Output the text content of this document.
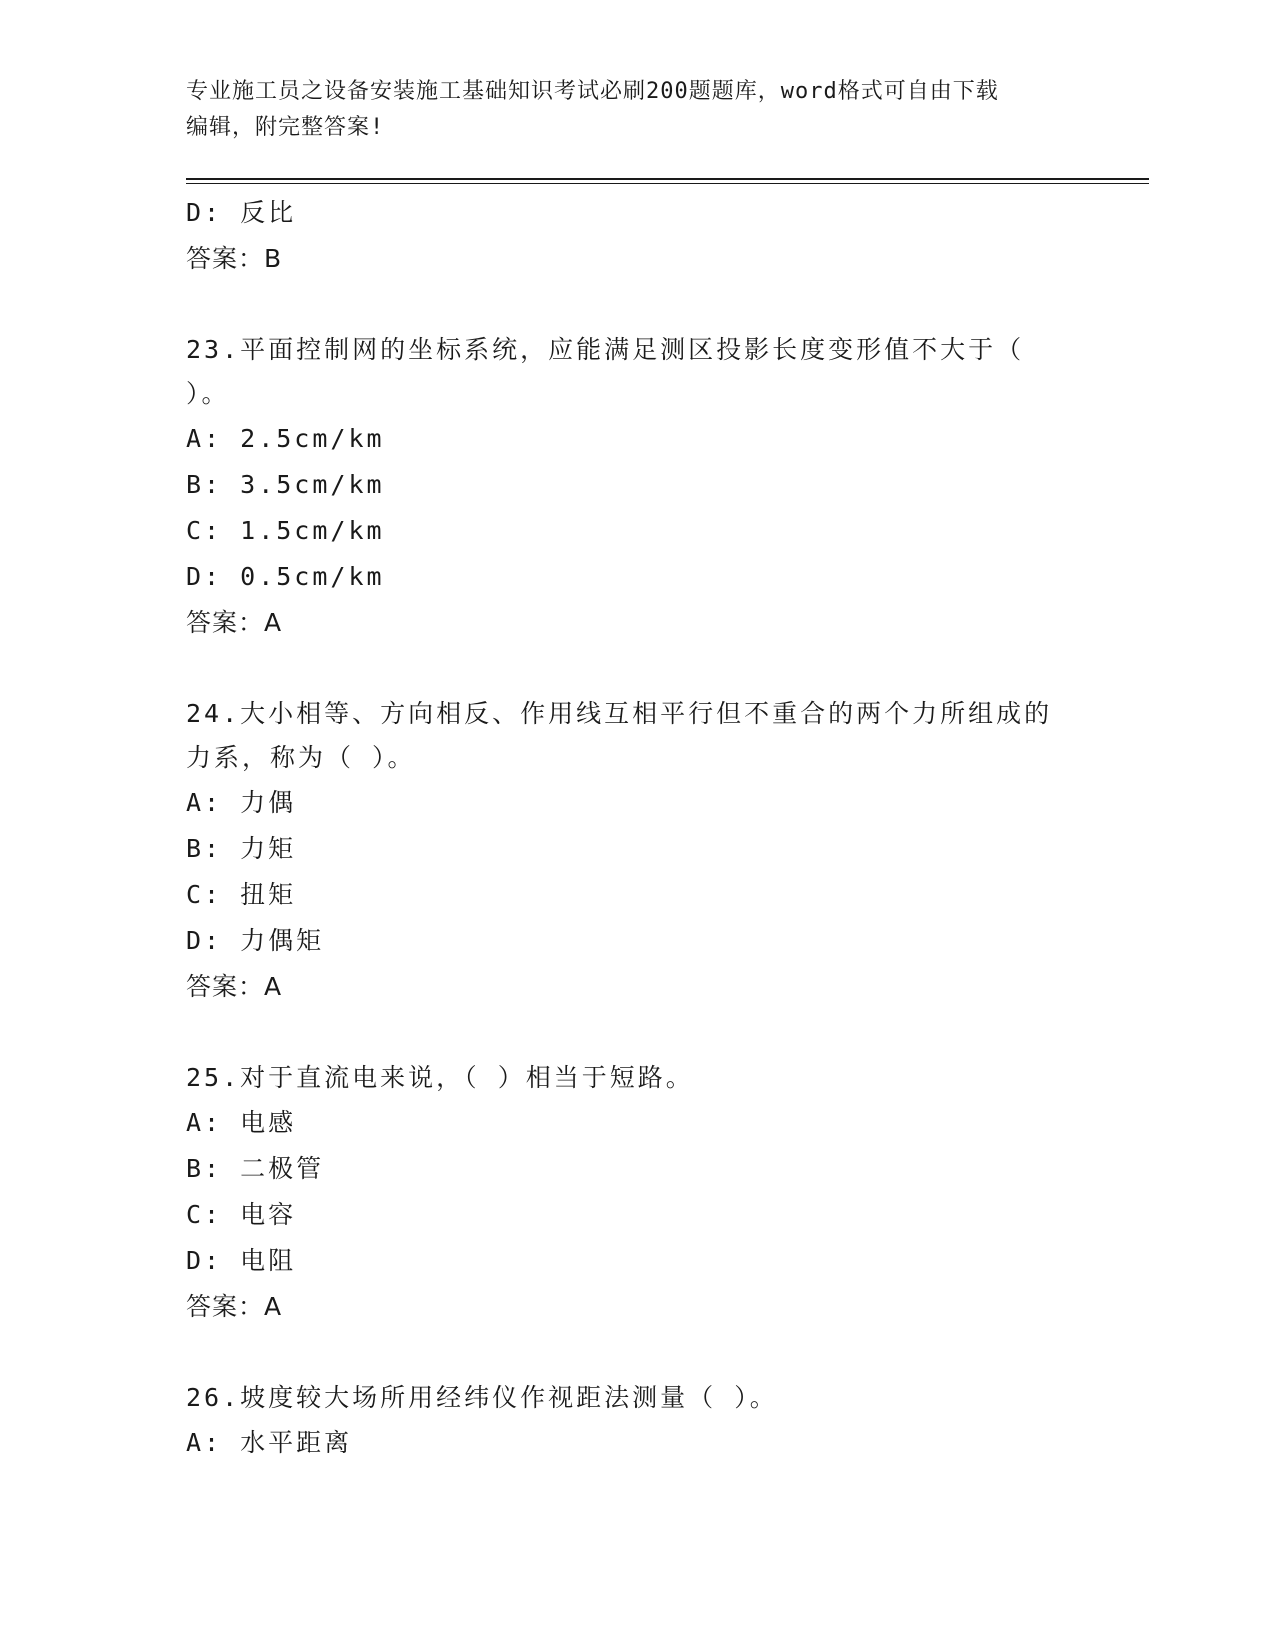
专业施工员之设备安装施工基础知识考试必刷200题题库，word格式可自由下载
编辑，附完整答案!
D: 反比
答案：B
23.平面控制网的坐标系统，应能满足测区投影长度变形值不大于（
）。
A: 2.5cm/km
B: 3.5cm/km
C: 1.5cm/km
D: 0.5cm/km
答案：A
24.大小相等、方向相反、作用线互相平行但不重合的两个力所组成的
力系，称为（ ）。
A: 力偶
B: 力矩
C: 扭矩
D: 力偶矩
答案：A
25.对于直流电来说，（ ）相当于短路。
A: 电感
B: 二极管
C: 电容
D: 电阻
答案：A
26.坡度较大场所用经纬仪作视距法测量（ ）。
A: 水平距离
